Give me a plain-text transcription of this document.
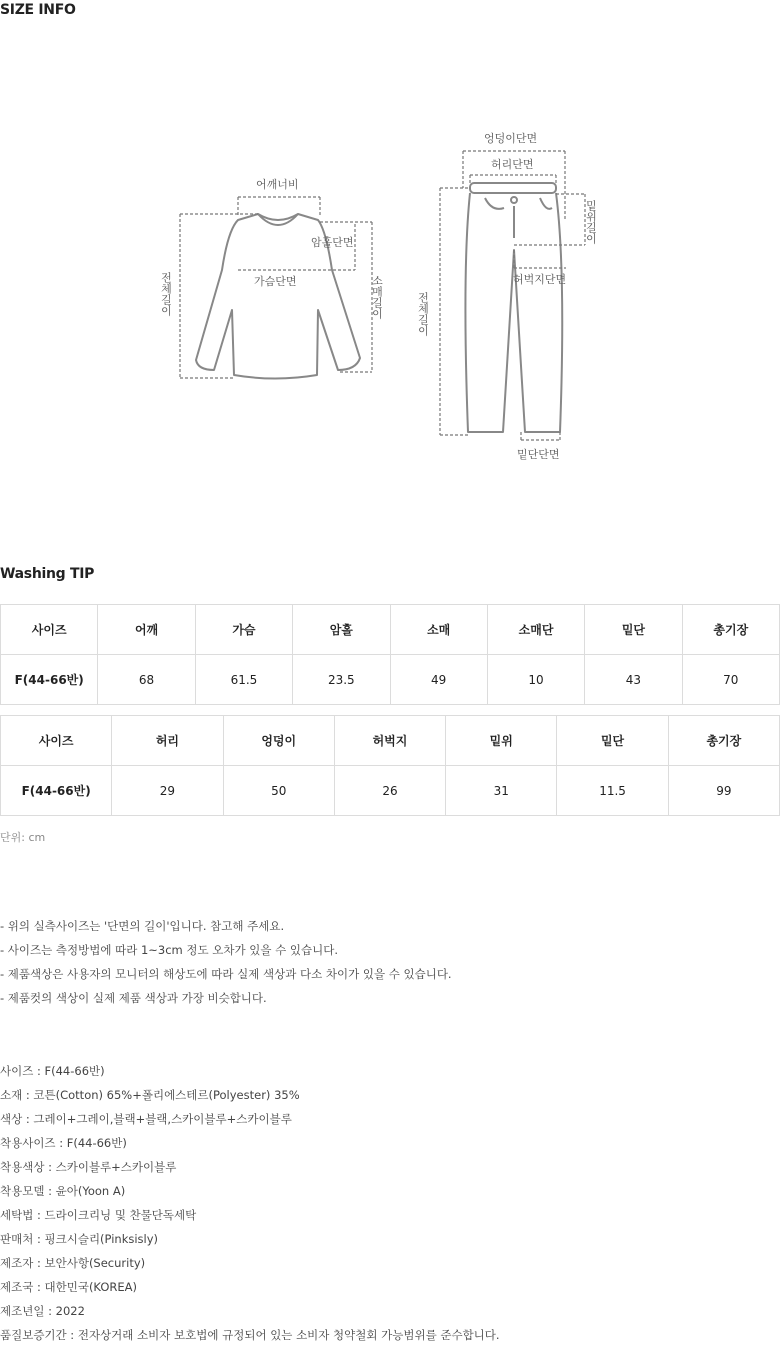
SIZE INFO
어깨너비
암홀단면
가슴단면
전체길이	소매길이
엉덩이단면
허리단면
밑위길이
허벅지단면
전체길이
밑단단면
Washing TIP
사이즈	어깨	가슴	암홀	소매	소매단	밑단	총기장
F(44-66반)	68	61.5	23.5	49	10	43	70
사이즈	허리	엉덩이	허벅지	밑위	밑단	총기장
F(44-66반)	29	50	26	31	11.5	99
단위: cm
- 위의 실측사이즈는 '단면의 길이'입니다. 참고해 주세요.
- 사이즈는 측정방법에 따라 1~3cm 정도 오차가 있을 수 있습니다.
- 제품색상은 사용자의 모니터의 해상도에 따라 실제 색상과 다소 차이가 있을 수 있습니다.
- 제품컷의 색상이 실제 제품 색상과 가장 비슷합니다.
사이즈 : F(44-66반)
소재 : 코튼(Cotton) 65%+폴리에스테르(Polyester) 35%
색상 : 그레이+그레이,블랙+블랙,스카이블루+스카이블루
착용사이즈 : F(44-66반)
착용색상 : 스카이블루+스카이블루
착용모델 : 윤아(Yoon A)
세탁법 : 드라이크리닝 및 찬물단독세탁
판매처 : 핑크시슬리(Pinksisly)
제조자 : 보안사항(Security)
제조국 : 대한민국(KOREA)
제조년일 : 2022
품질보증기간 : 전자상거래 소비자 보호법에 규정되어 있는 소비자 청약철회 가능범위를 준수합니다.
